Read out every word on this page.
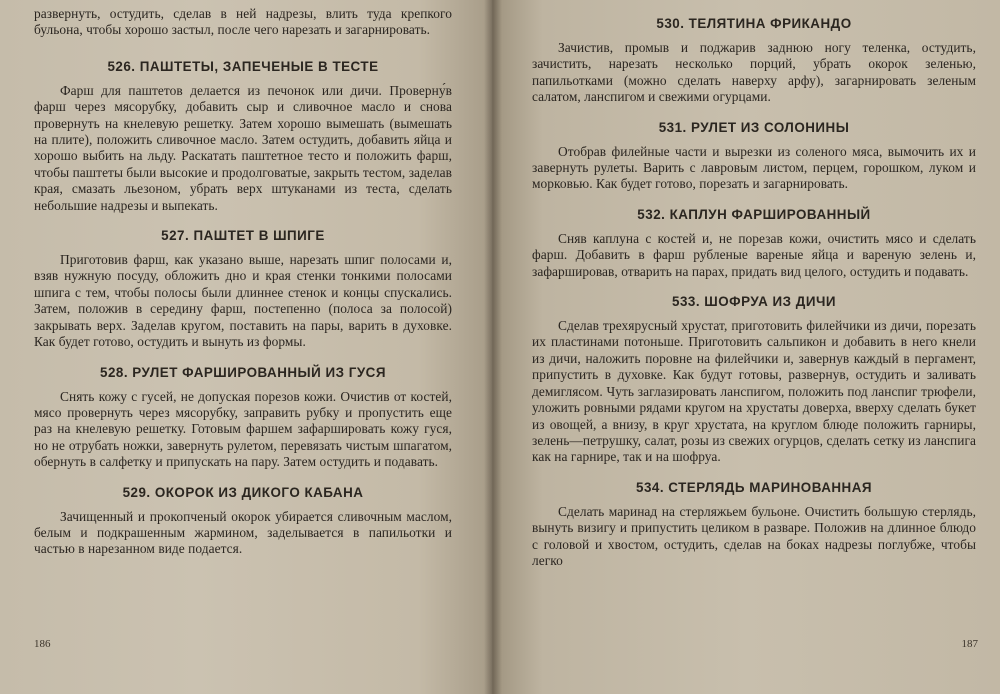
развернуть, остудить, сделав в ней надрезы, влить туда крепкого бульона, чтобы хорошо застыл, после чего нарезать и загарнировать.

526. ПАШТЕТЫ, ЗАПЕЧЕНЫЕ В ТЕСТЕ

Фарш для паштетов делается из печонок или дичи. Проверну́в фарш через мясорубку, добавить сыр и сливочное масло и снова провернуть на кнелевую решетку. Затем хорошо вымешать (вымешать на плите), положить сливочное масло. Затем остудить, добавить яйца и хорошо выбить на льду. Раскатать паштетное тесто и положить фарш, чтобы паштеты были высокие и продолговатые, закрыть тестом, заделав края, смазать льезоном, убрать верх штуканами из теста, сделать небольшие надрезы и выпекать.

527. ПАШТЕТ В ШПИГЕ

Приготовив фарш, как указано выше, нарезать шпиг полосами и, взяв нужную посуду, обложить дно и края стенки тонкими полосами шпига с тем, чтобы полосы были длиннее стенок и концы спускались. Затем, положив в середину фарш, постепенно (полоса за полосой) закрывать верх. Заделав кругом, поставить на пары, варить в духовке. Как будет готово, остудить и вынуть из формы.

528. РУЛЕТ ФАРШИРОВАННЫЙ ИЗ ГУСЯ

Снять кожу с гусей, не допуская порезов кожи. Очистив от костей, мясо провернуть через мясорубку, заправить рубку и пропустить еще раз на кнелевую решетку. Готовым фаршем зафаршировать кожу гуся, но не отрубать ножки, завернуть рулетом, перевязать чистым шпагатом, обернуть в салфетку и припускать на пару. Затем остудить и подавать.

529. ОКОРОК ИЗ ДИКОГО КАБАНА

Зачищенный и прокопченый окорок убирается сливочным маслом, белым и подкрашенным жармином, заделывается в папильотки и частью в нарезанном виде подается.

186
530. ТЕЛЯТИНА ФРИКАНДО

Зачистив, промыв и поджарив заднюю ногу теленка, остудить, зачистить, нарезать несколько порций, убрать окорок зеленью, папильотками (можно сделать наверху арфу), загарнировать зеленым салатом, ланспигом и свежими огурцами.

531. РУЛЕТ ИЗ СОЛОНИНЫ

Отобрав филейные части и вырезки из соленого мяса, вымочить их и завернуть рулеты. Варить с лавровым листом, перцем, горошком, луком и морковью. Как будет готово, порезать и загарнировать.

532. КАПЛУН ФАРШИРОВАННЫЙ

Сняв каплуна с костей и, не порезав кожи, очистить мясо и сделать фарш. Добавить в фарш рубленые вареные яйца и вареную зелень и, зафаршировав, отварить на парах, придать вид целого, остудить и подавать.

533. ШОФРУА ИЗ ДИЧИ

Сделав трехярусный хрустат, приготовить филейчики из дичи, порезать их пластинами потоньше. Приготовить сальпикон и добавить в него кнели из дичи, наложить поровне на филейчики и, завернув каждый в пергамент, припустить в духовке. Как будут готовы, развернув, остудить и заливать демиглясом. Чуть заглазировать ланспигом, положить под ланспиг трюфели, уложить ровными рядами кругом на хрустаты доверха, вверху сделать букет из овощей, а внизу, в круг хрустата, на круглом блюде положить гарниры, зелень—петрушку, салат, розы из свежих огурцов, сделать сетку из ланспига как на гарнире, так и на шофруа.

534. СТЕРЛЯДЬ МАРИНОВАННАЯ

Сделать маринад на стерляжьем бульоне. Очистить большую стерлядь, вынуть визигу и припустить целиком в разваре. Положив на длинное блюдо с головой и хвостом, остудить, сделав на боках надрезы поглубже, чтобы легко

187
